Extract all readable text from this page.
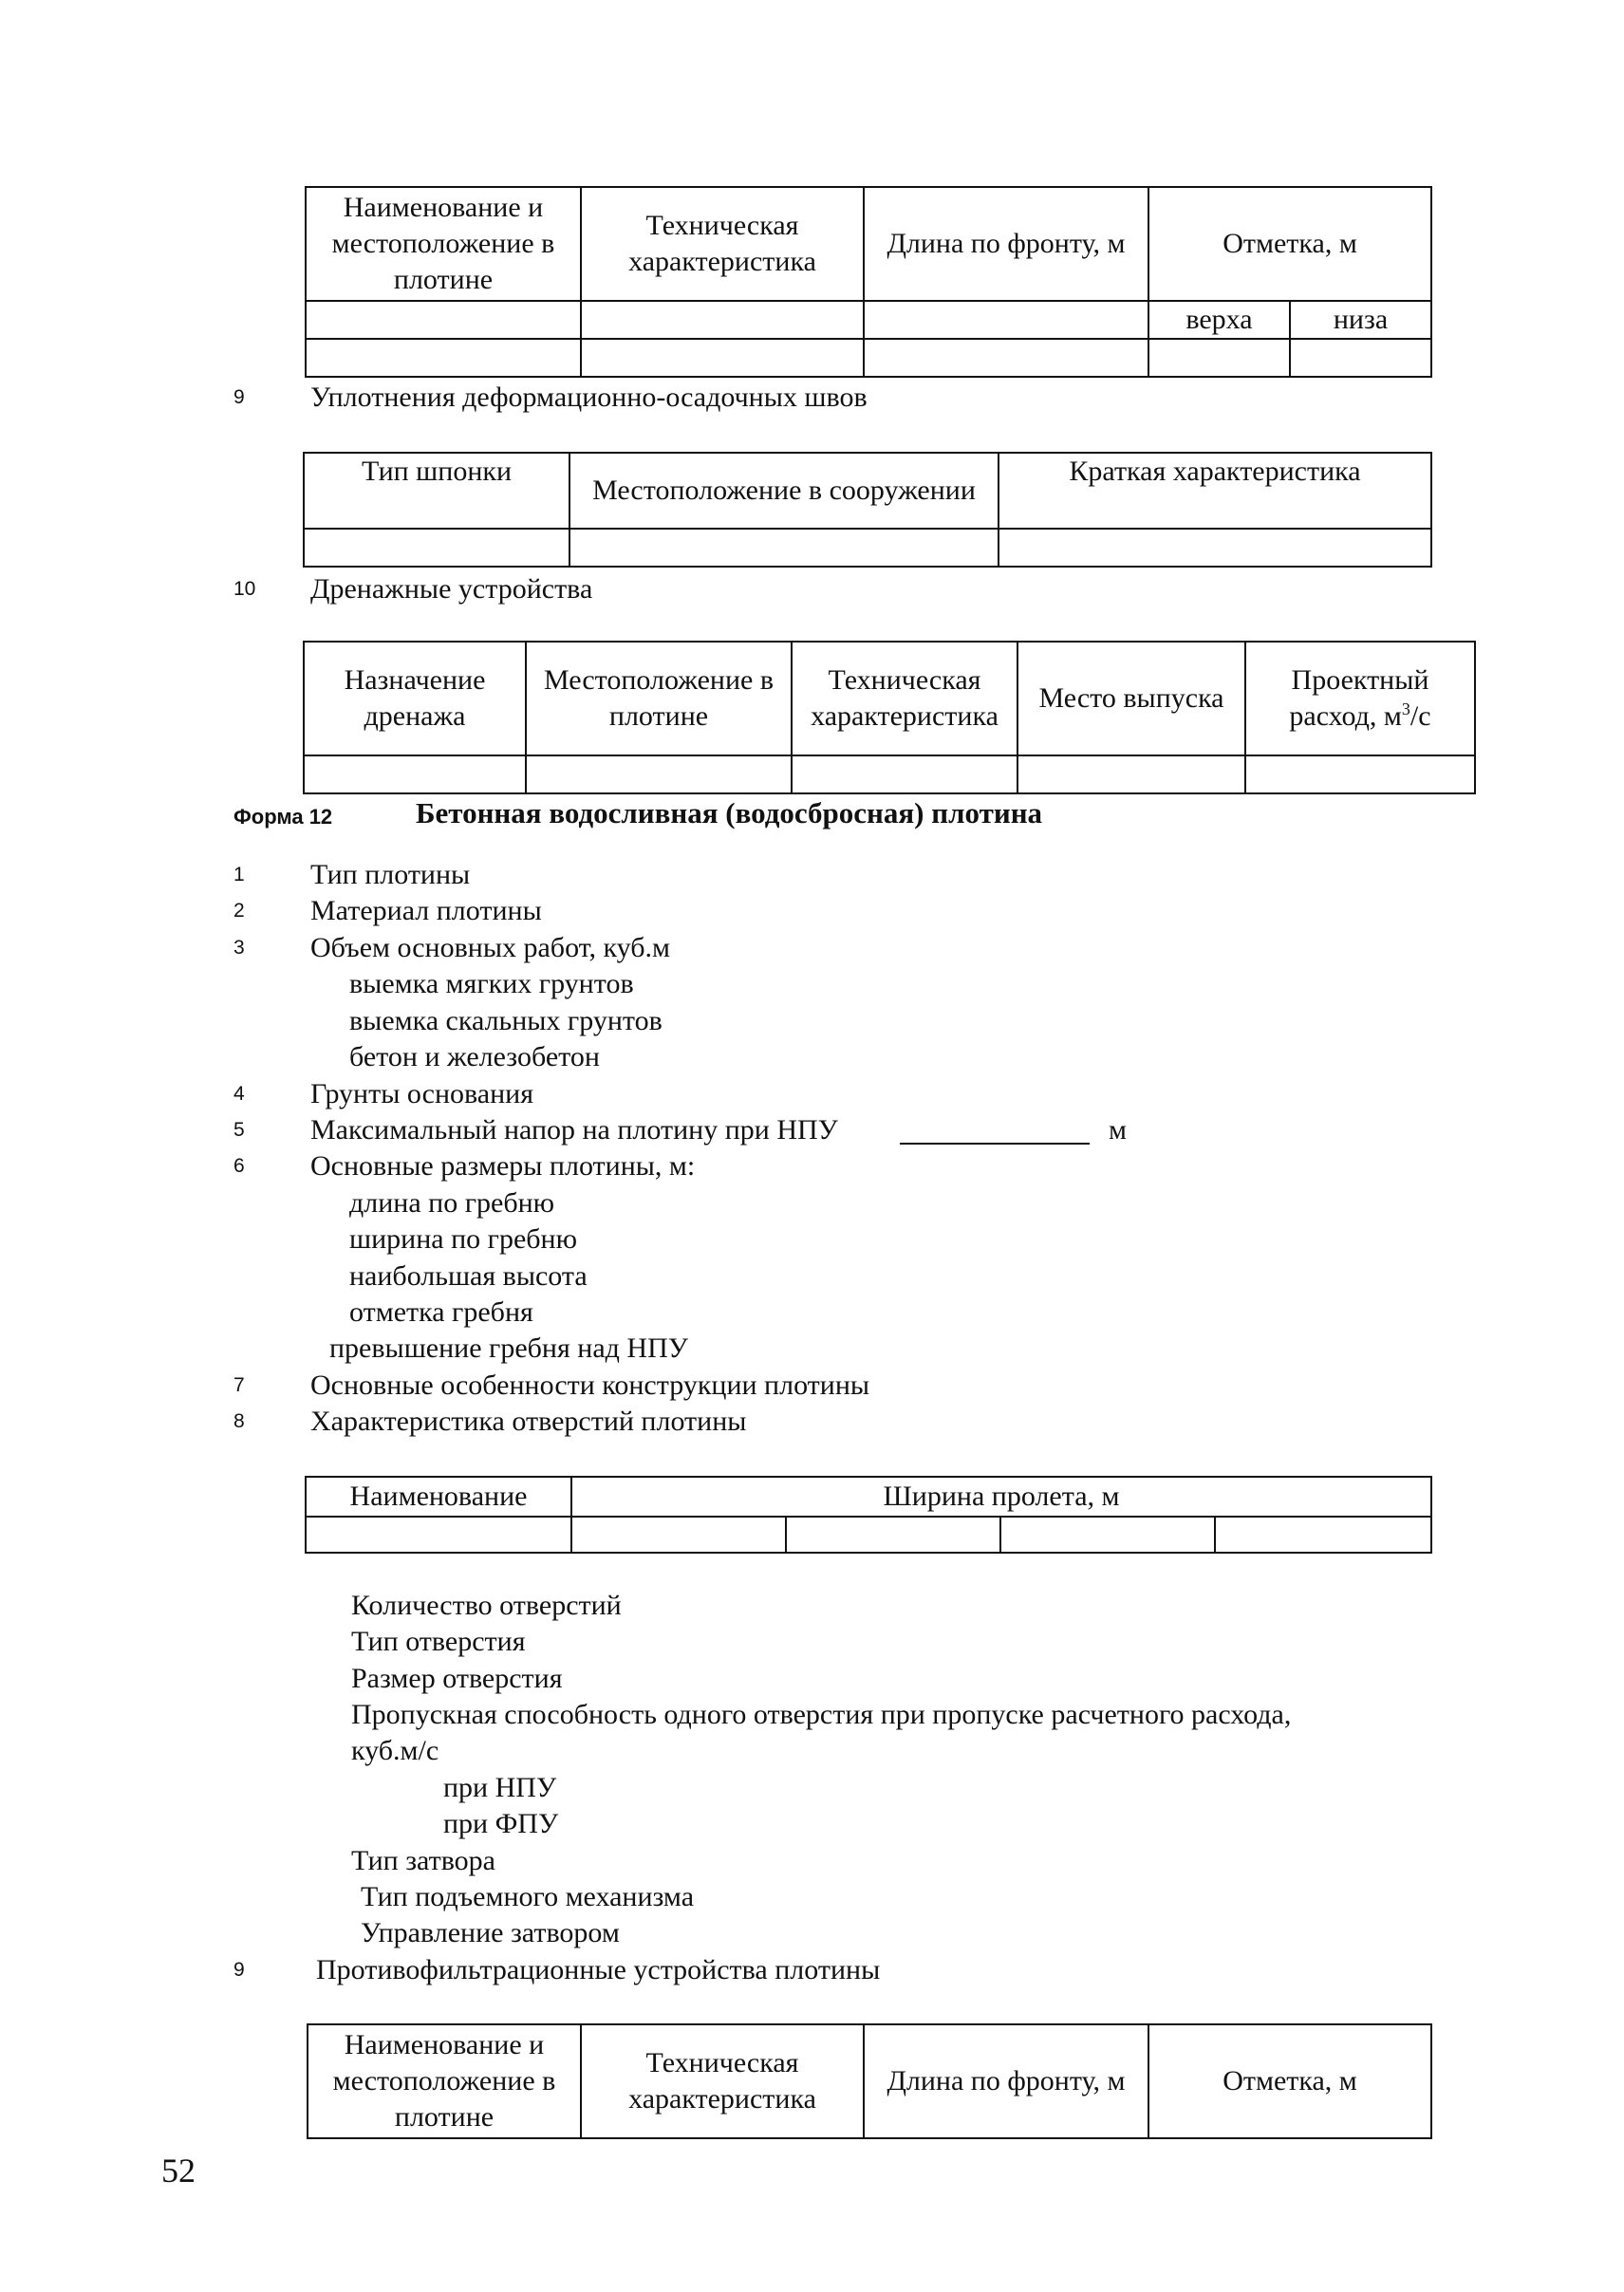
Наименование и местоположение в плотине	Техническая характеристика	Длина по фронту, м	Отметка, м	
			верха	низа

9 Уплотнения деформационно-осадочных швов
Тип шпонки	Местоположение в сооружении	Краткая характеристика

10 Дренажные устройства
Назначение дренажа	Местоположение в плотине	Техническая характеристика	Место выпуска	Проектный расход, $м^3/с$

Форма 12	Бетонная водосливная (водосбросная) плотина
1 Тип плотины
2 Материал плотины
3 Объем основных работ, куб.м
выемка мягких грунтов
выемка скальных грунтов
бетон и железобетон
4 Грунты основания
5 Максимальный напор на плотину при НПУ	м
6 Основные размеры плотины, м:
длина по гребню
ширина по гребню
наибольшая высота
отметка гребня
превышение гребня над НПУ
7 Основные особенности конструкции плотины
8 Характеристика отверстий плотины
Наименование	Ширина пролета, м			

Количество отверстий
Тип отверстия
Размер отверстия
Пропускная способность одного отверстия при пропуске расчетного расхода,
куб.м/с
при НПУ
при ФПУ
Тип затвора
Тип подъемного механизма
Управление затвором
9	Противофильтрационные устройства плотины
Наименование и местоположение в плотине	Техническая характеристика	Длина по фронту, м	Отметка, м
52
